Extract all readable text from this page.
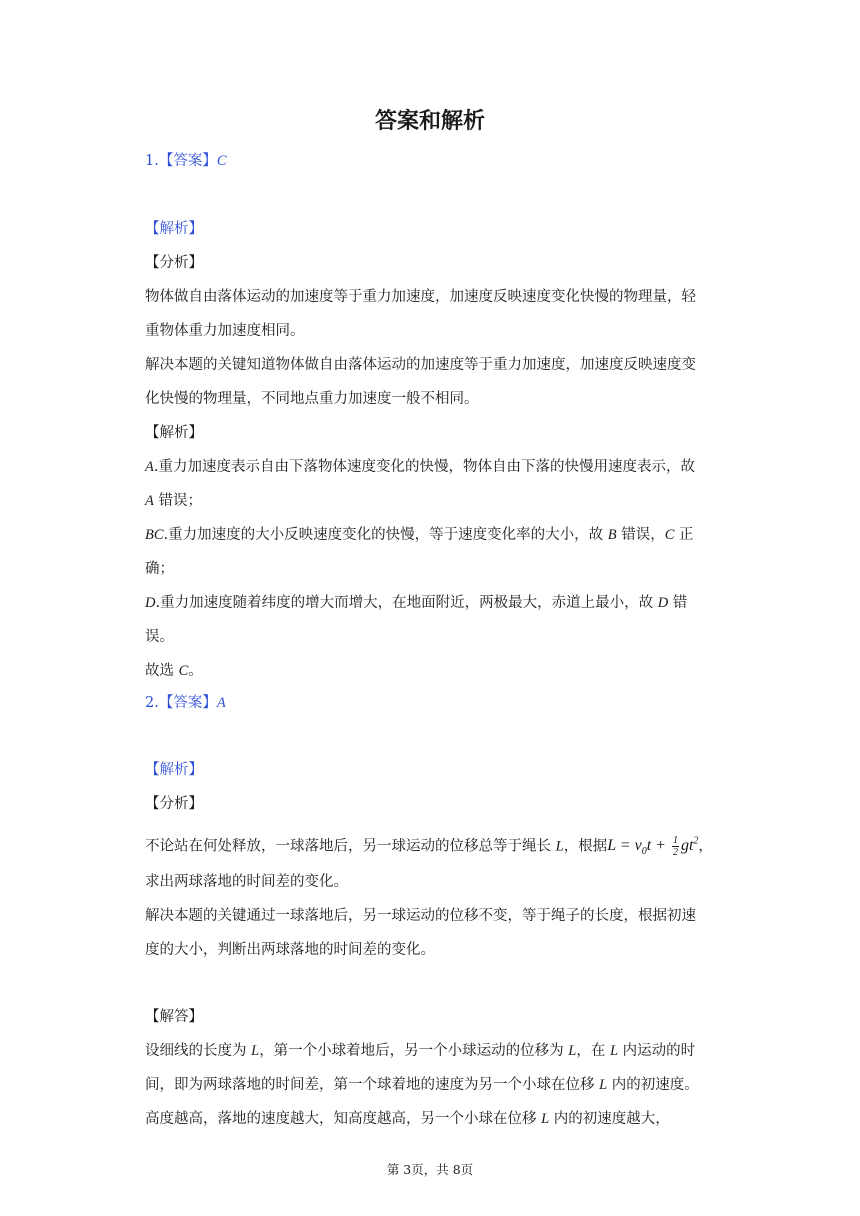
答案和解析
1.【答案】C
【解析】
【分析】
物体做自由落体运动的加速度等于重力加速度，加速度反映速度变化快慢的物理量，轻
重物体重力加速度相同。
解决本题的关键知道物体做自由落体运动的加速度等于重力加速度，加速度反映速度变
化快慢的物理量，不同地点重力加速度一般不相同。
【解析】
A.重力加速度表示自由下落物体速度变化的快慢，物体自由下落的快慢用速度表示，故
A 错误；
BC.重力加速度的大小反映速度变化的快慢，等于速度变化率的大小，故 B 错误，C 正
确；
D.重力加速度随着纬度的增大而增大，在地面附近，两极最大，赤道上最小，故 D 错
误。
故选 C。
2.【答案】A
【解析】
【分析】
不论站在何处释放，一球落地后，另一球运动的位移总等于绳长 L，根据$L = v_0t + \frac{1}{2} gt^2$，
求出两球落地的时间差的变化。
解决本题的关键通过一球落地后，另一球运动的位移不变，等于绳子的长度，根据初速
度的大小，判断出两球落地的时间差的变化。
【解答】
设细线的长度为 L，第一个小球着地后，另一个小球运动的位移为 L，在 L 内运动的时
间，即为两球落地的时间差，第一个球着地的速度为另一个小球在位移 L 内的初速度。
高度越高，落地的速度越大，知高度越高，另一个小球在位移 L 内的初速度越大，
第 3页，共 8页
